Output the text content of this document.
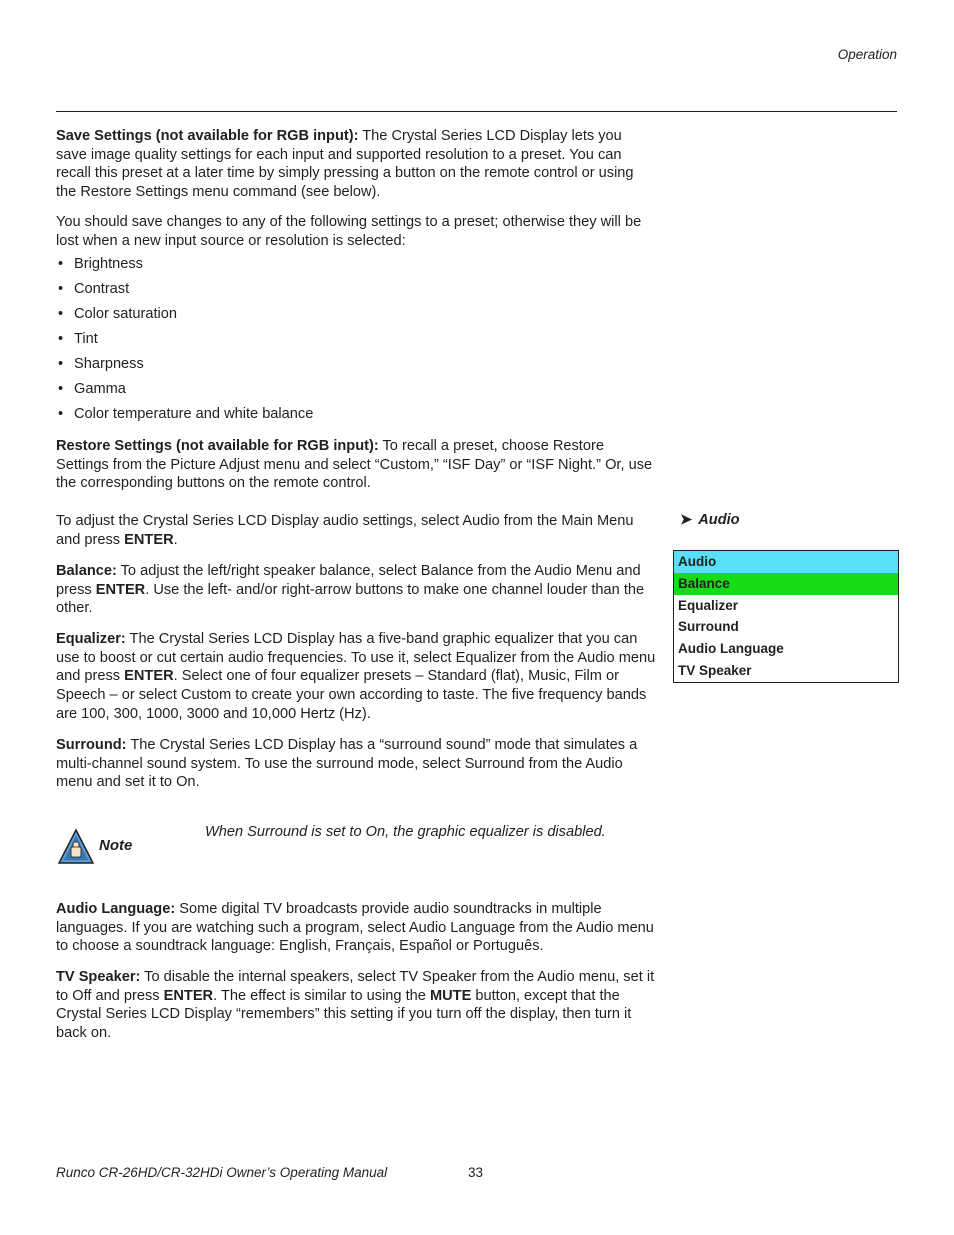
Operation

Save Settings (not available for RGB input): The Crystal Series LCD Display lets you save image quality settings for each input and supported resolution to a preset. You can recall this preset at a later time by simply pressing a button on the remote control or using the Restore Settings menu command (see below).

You should save changes to any of the following settings to a preset; otherwise they will be lost when a new input source or resolution is selected:

• Brightness
• Contrast
• Color saturation
• Tint
• Sharpness
• Gamma
• Color temperature and white balance

Restore Settings (not available for RGB input): To recall a preset, choose Restore Settings from the Picture Adjust menu and select “Custom,” “ISF Day” or “ISF Night.” Or, use the corresponding buttons on the remote control.

To adjust the Crystal Series LCD Display audio settings, select Audio from the Main Menu and press ENTER.

Balance: To adjust the left/right speaker balance, select Balance from the Audio Menu and press ENTER. Use the left- and/or right-arrow buttons to make one channel louder than the other.

Equalizer: The Crystal Series LCD Display has a five-band graphic equalizer that you can use to boost or cut certain audio frequencies. To use it, select Equalizer from the Audio menu and press ENTER. Select one of four equalizer presets – Standard (flat), Music, Film or Speech – or select Custom to create your own according to taste. The five frequency bands are 100, 300, 1000, 3000 and 10,000 Hertz (Hz).

Surround: The Crystal Series LCD Display has a “surround sound” mode that simulates a multi-channel sound system. To use the surround mode, select Surround from the Audio menu and set it to On.

Note
When Surround is set to On, the graphic equalizer is disabled.

Audio Language: Some digital TV broadcasts provide audio soundtracks in multiple languages. If you are watching such a program, select Audio Language from the Audio menu to choose a soundtrack language: English, Français, Español or Português.

TV Speaker: To disable the internal speakers, select TV Speaker from the Audio menu, set it to Off and press ENTER. The effect is similar to using the MUTE button, except that the Crystal Series LCD Display “remembers” this setting if you turn off the display, then turn it back on.

➤ Audio
Audio
Balance
Equalizer
Surround
Audio Language
TV Speaker
Runco CR-26HD/CR-32HDi Owner’s Operating Manual	33
